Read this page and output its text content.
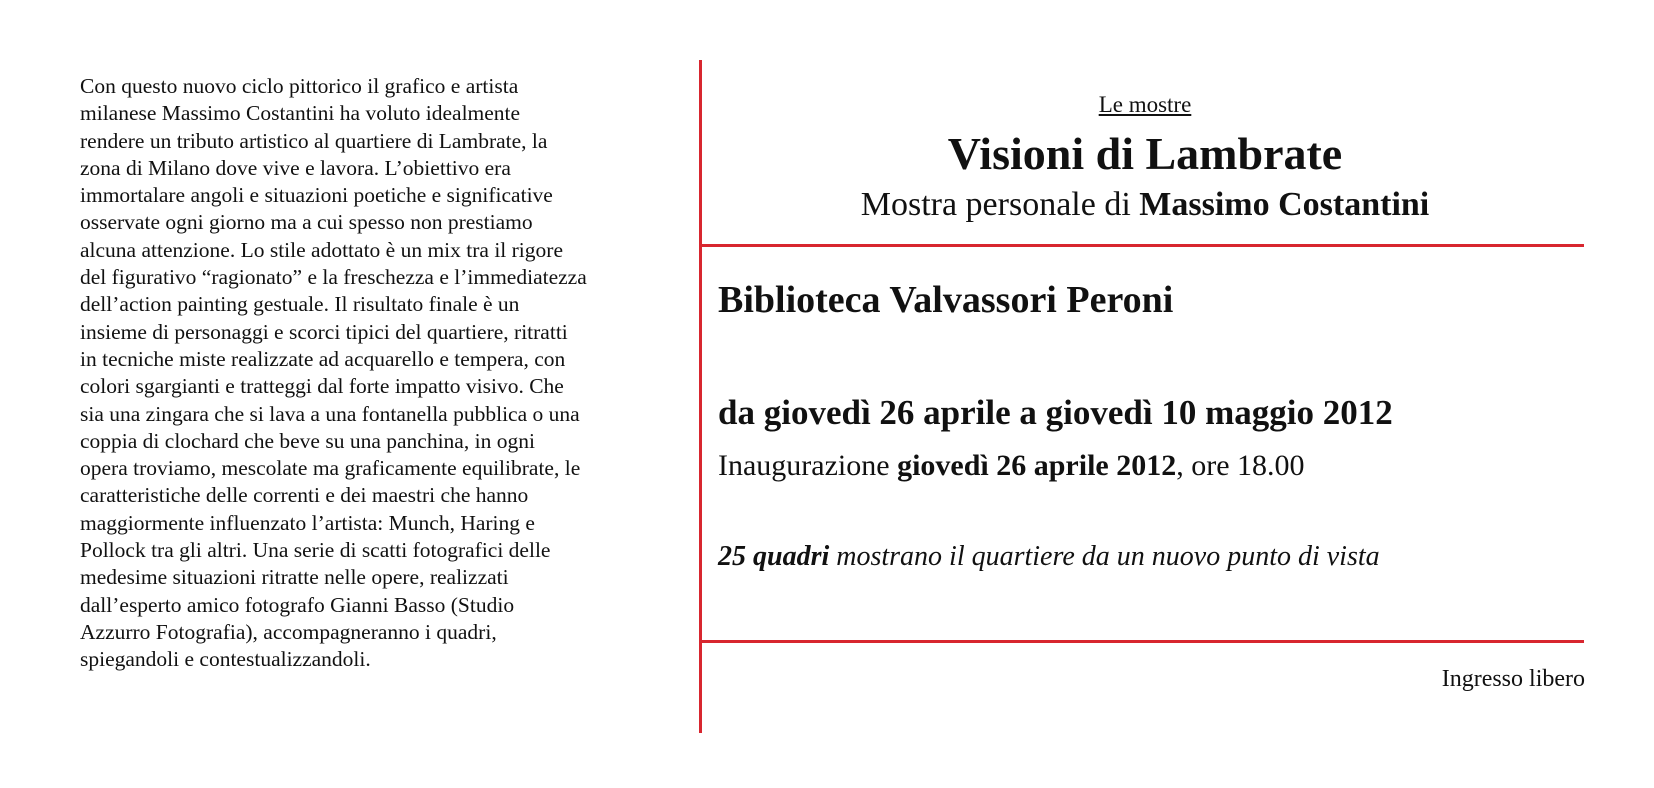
Con questo nuovo ciclo pittorico il grafico e artista
milanese Massimo Costantini ha voluto idealmente
rendere un tributo artistico al quartiere di Lambrate, la
zona di Milano dove vive e lavora. L’obiettivo era
immortalare angoli e situazioni poetiche e significative
osservate ogni giorno ma a cui spesso non prestiamo
alcuna attenzione. Lo stile adottato è un mix tra il rigore
del figurativo “ragionato” e la freschezza e l’immediatezza
dell’action painting gestuale. Il risultato finale è un
insieme di personaggi e scorci tipici del quartiere, ritratti
in tecniche miste realizzate ad acquarello e tempera, con
colori sgargianti e tratteggi dal forte impatto visivo. Che
sia una zingara che si lava a una fontanella pubblica o una
coppia di clochard che beve su una panchina, in ogni
opera troviamo, mescolate ma graficamente equilibrate, le
caratteristiche delle correnti e dei maestri che hanno
maggiormente influenzato l’artista: Munch, Haring e
Pollock tra gli altri. Una serie di scatti fotografici delle
medesime situazioni ritratte nelle opere, realizzati
dall’esperto amico fotografo Gianni Basso (Studio
Azzurro Fotografia), accompagneranno i quadri,
spiegandoli e contestualizzandoli.
Le mostre
Visioni di Lambrate
Mostra personale di Massimo Costantini

Biblioteca Valvassori Peroni

da giovedì 26 aprile a giovedì 10 maggio 2012

Inaugurazione giovedì 26 aprile 2012, ore 18.00

25 quadri mostrano il quartiere da un nuovo punto di vista

Ingresso libero
